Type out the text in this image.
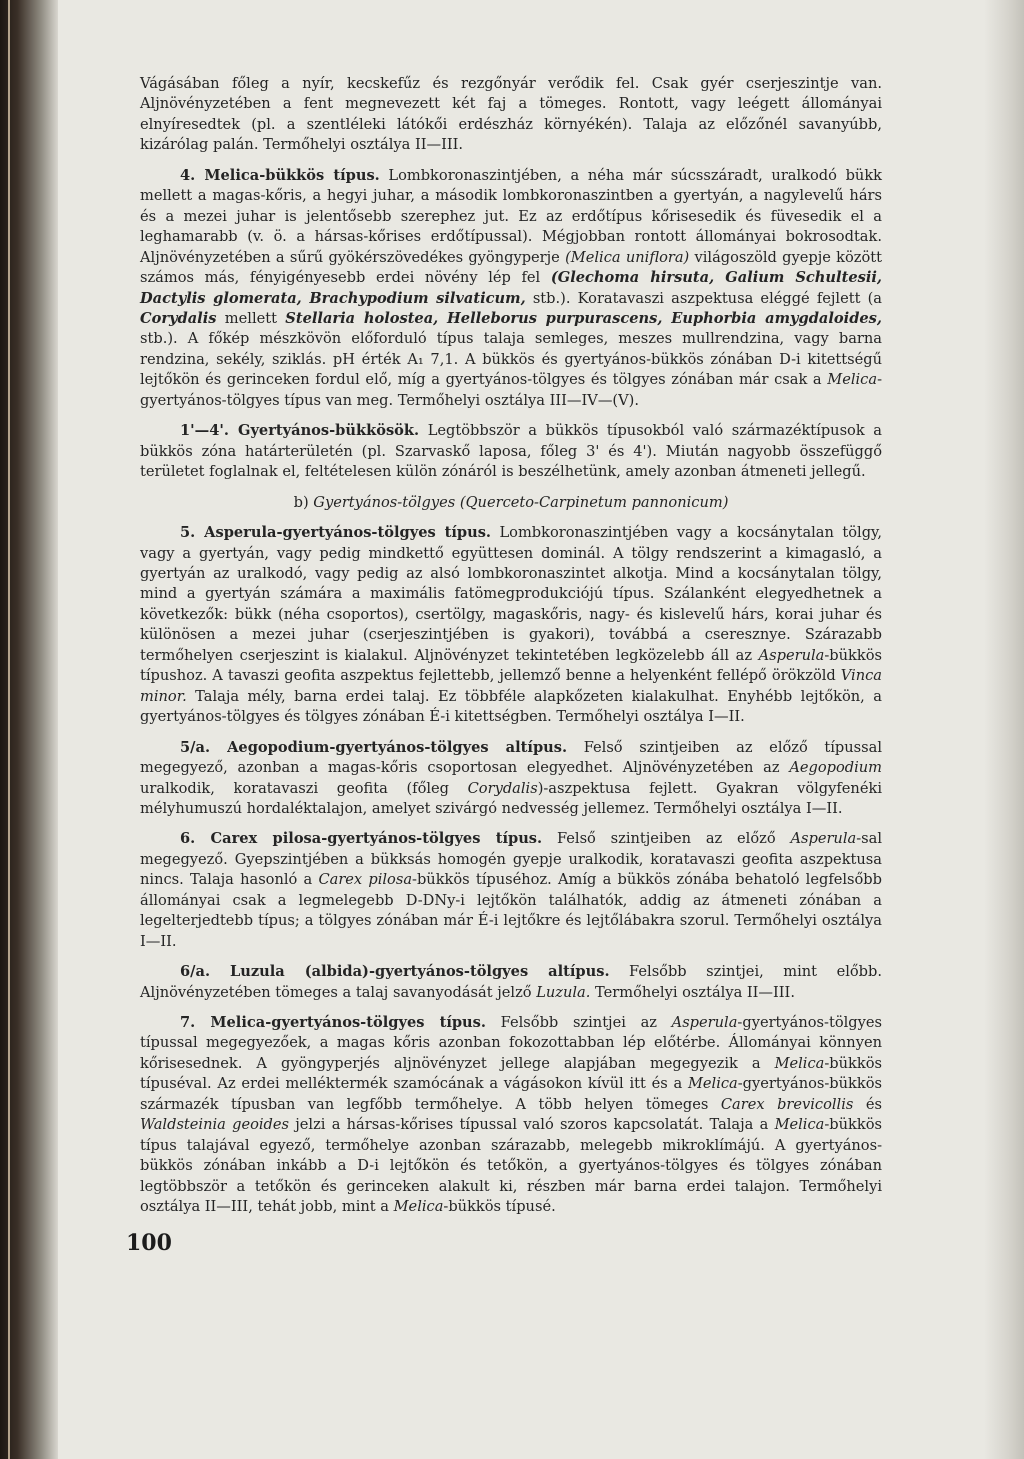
Vágásában főleg a nyír, kecskefűz és rezgőnyár verődik fel. Csak gyér cserjeszintje van. Aljnövényzetében a fent megnevezett két faj a tömeges. Rontott, vagy leégett állományai elnyíresedtek (pl. a szentléleki látókői erdészház környékén). Talaja az előzőnél savanyúbb, kizárólag palán. Termőhelyi osztálya II—III.

4. Melica-bükkös típus. Lombkoronaszintjében, a néha már súcsszáradt, uralkodó bükk mellett a magas-kőris, a hegyi juhar, a második lombkoronaszintben a gyertyán, a nagylevelű hárs és a mezei juhar is jelentősebb szerephez jut. Ez az erdőtípus kőrisesedik és füvesedik el a leghamarabb (v. ö. a hársas-kőrises erdőtípussal). Mégjobban rontott állományai bokrosodtak. Aljnövényzetében a sűrű gyökérszövedékes gyöngyperje (Melica uniflora) világoszöld gyepje között számos más, fényigényesebb erdei növény lép fel (Glechoma hirsuta, Galium Schultesii, Dactylis glomerata, Brachypodium silvaticum, stb.). Koratavaszi aszpektusa eléggé fejlett (a Corydalis mellett Stellaria holostea, Helleborus purpurascens, Euphorbia amygdaloides, stb.). A főkép mészkövön előforduló típus talaja semleges, meszes mullrendzina, vagy barna rendzina, sekély, sziklás. pH érték A₁ 7,1. A bükkös és gyertyános-bükkös zónában D-i kitettségű lejtőkön és gerinceken fordul elő, míg a gyertyános-tölgyes és tölgyes zónában már csak a Melica-gyertyános-tölgyes típus van meg. Termőhelyi osztálya III—IV—(V).

1'—4'. Gyertyános-bükkösök. Legtöbbször a bükkös típusokból való származéktípusok a bükkös zóna határterületén (pl. Szarvaskő laposa, főleg 3' és 4'). Miután nagyobb összefüggő területet foglalnak el, feltételesen külön zónáról is beszélhetünk, amely azonban átmeneti jellegű.

b) Gyertyános-tölgyes (Querceto-Carpinetum pannonicum)

5. Asperula-gyertyános-tölgyes típus. Lombkoronaszintjében vagy a kocsánytalan tölgy, vagy a gyertyán, vagy pedig mindkettő együttesen dominál. A tölgy rendszerint a kimagasló, a gyertyán az uralkodó, vagy pedig az alsó lombkoronaszintet alkotja. Mind a kocsánytalan tölgy, mind a gyertyán számára a maximális fatömegprodukciójú típus. Szálanként elegyedhetnek a következők: bükk (néha csoportos), csertölgy, magaskőris, nagy- és kislevelű hárs, korai juhar és különösen a mezei juhar (cserjeszintjében is gyakori), továbbá a cseresznye. Szárazabb termőhelyen cserjeszint is kialakul. Aljnövényzet tekintetében legközelebb áll az Asperula-bükkös típushoz. A tavaszi geofita aszpektus fejlettebb, jellemző benne a helyenként fellépő örökzöld Vinca minor. Talaja mély, barna erdei talaj. Ez többféle alapkőzeten kialakulhat. Enyhébb lejtőkön, a gyertyános-tölgyes és tölgyes zónában É-i kitettségben. Termőhelyi osztálya I—II.

5/a. Aegopodium-gyertyános-tölgyes altípus. Felső szintjeiben az előző típussal megegyező, azonban a magas-kőris csoportosan elegyedhet. Aljnövényzetében az Aegopodium uralkodik, koratavaszi geofita (főleg Corydalis)-aszpektusa fejlett. Gyakran völgyfenéki mélyhumuszú hordaléktalajon, amelyet szivárgó nedvesség jellemez. Termőhelyi osztálya I—II.

6. Carex pilosa-gyertyános-tölgyes típus. Felső szintjeiben az előző Asperula-sal megegyező. Gyepszintjében a bükksás homogén gyepje uralkodik, koratavaszi geofita aszpektusa nincs. Talaja hasonló a Carex pilosa-bükkös típuséhoz. Amíg a bükkös zónába behatoló legfelsőbb állományai csak a legmelegebb D-DNy-i lejtőkön találhatók, addig az átmeneti zónában a legelterjedtebb típus; a tölgyes zónában már É-i lejtőkre és lejtőlábakra szorul. Termőhelyi osztálya I—II.

6/a. Luzula (albida)-gyertyános-tölgyes altípus. Felsőbb szintjei, mint előbb. Aljnövényzetében tömeges a talaj savanyodását jelző Luzula. Termőhelyi osztálya II—III.

7. Melica-gyertyános-tölgyes típus. Felsőbb szintjei az Asperula-gyertyános-tölgyes típussal megegyezőek, a magas kőris azonban fokozottabban lép előtérbe. Állományai könnyen kőrisesednek. A gyöngyperjés aljnövényzet jellege alapjában megegyezik a Melica-bükkös típuséval. Az erdei melléktermék szamócának a vágásokon kívül itt és a Melica-gyertyános-bükkös származék típusban van legfőbb termőhelye. A több helyen tömeges Carex brevicollis és Waldsteinia geoides jelzi a hársas-kőrises típussal való szoros kapcsolatát. Talaja a Melica-bükkös típus talajával egyező, termőhelye azonban szárazabb, melegebb mikroklímájú. A gyertyános-bükkös zónában inkább a D-i lejtőkön és tetőkön, a gyertyános-tölgyes és tölgyes zónában legtöbbször a tetőkön és gerinceken alakult ki, részben már barna erdei talajon. Termőhelyi osztálya II—III, tehát jobb, mint a Melica-bükkös típusé.

100
